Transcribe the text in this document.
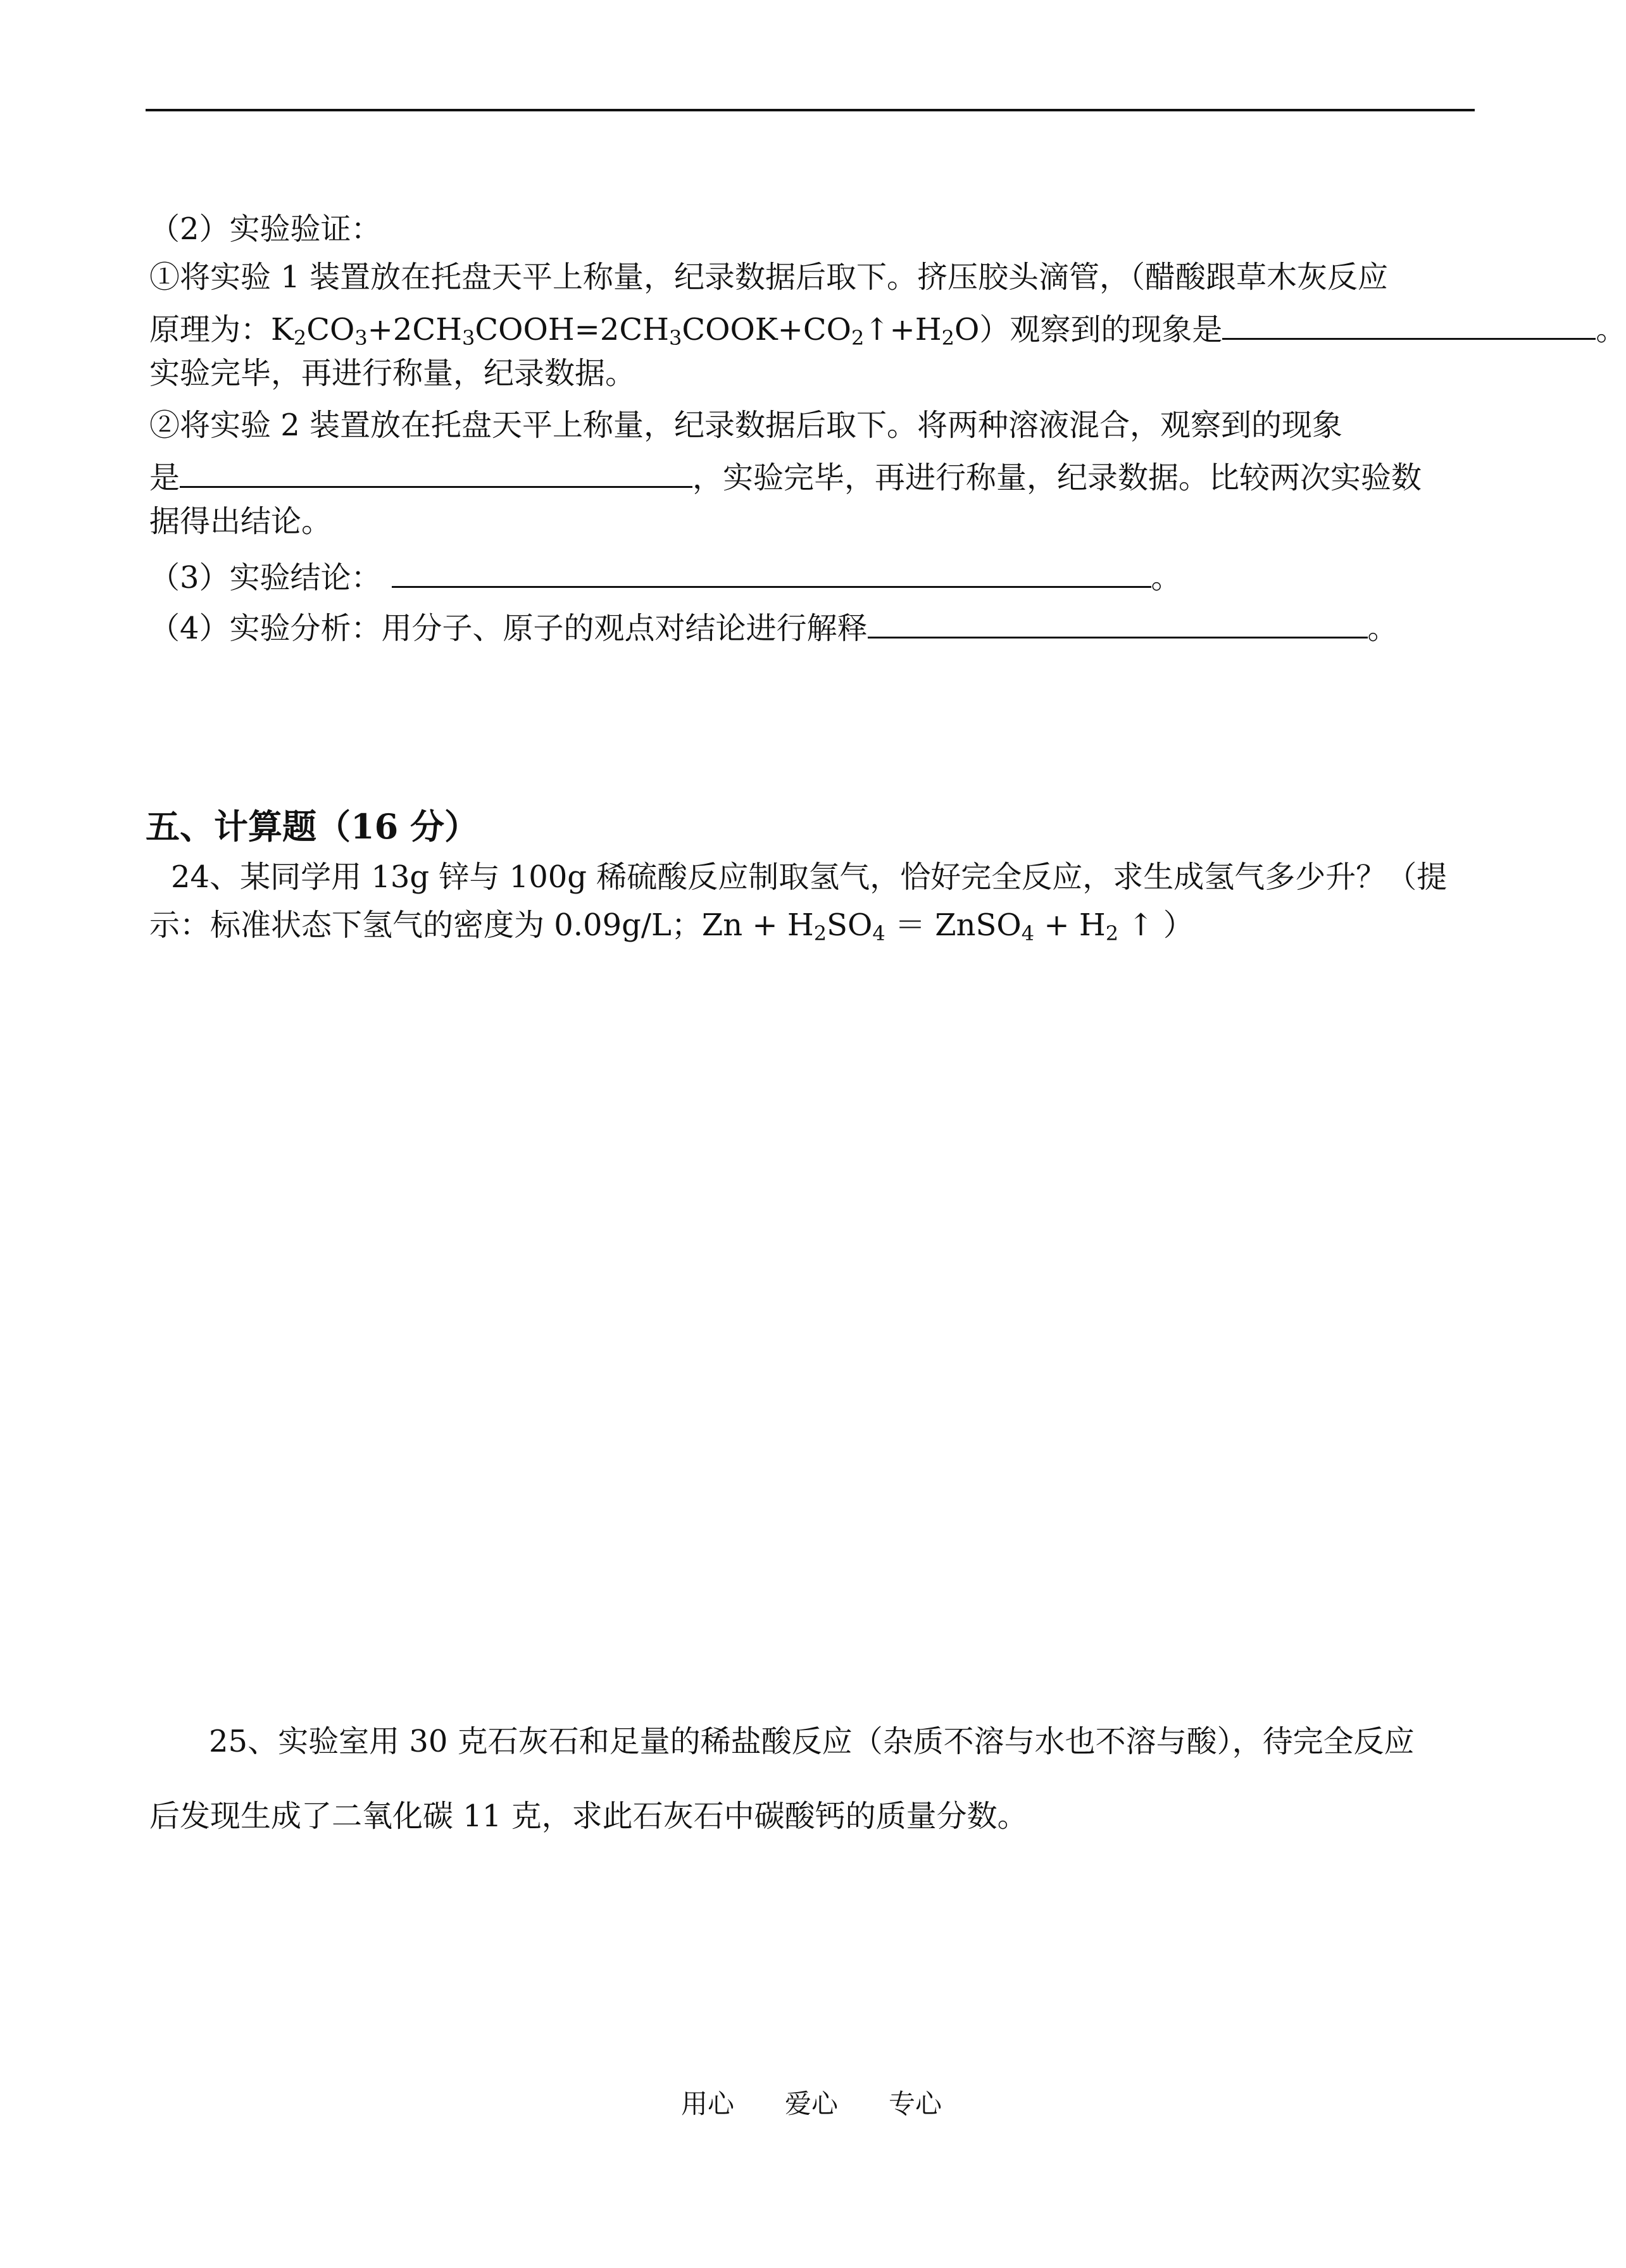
（2）实验验证：
①将实验 1 装置放在托盘天平上称量，纪录数据后取下。挤压胶头滴管，（醋酸跟草木灰反应
原理为：$K_2CO_3+2CH_3COOH=2CH_3COOK+CO_2↑+H_2O$）观察到的现象是	。
实验完毕，再进行称量，纪录数据。
②将实验 2 装置放在托盘天平上称量，纪录数据后取下。将两种溶液混合，观察到的现象
是	，实验完毕，再进行称量，纪录数据。比较两次实验数
据得出结论。
（3）实验结论：	。
（4）实验分析：用分子、原子的观点对结论进行解释	。
五、计算题（16 分）
24、某同学用 13g 锌与 100g 稀硫酸反应制取氢气，恰好完全反应，求生成氢气多少升？（提
示：标准状态下氢气的密度为 0.09g/L；$Zn + H_2SO_4$ ＝ ZnSO$_4$ + $H_2$ ↑ ）
25、实验室用 30 克石灰石和足量的稀盐酸反应（杂质不溶与水也不溶与酸），待完全反应
后发现生成了二氧化碳 11 克，求此石灰石中碳酸钙的质量分数。
用心 爱心 专心
